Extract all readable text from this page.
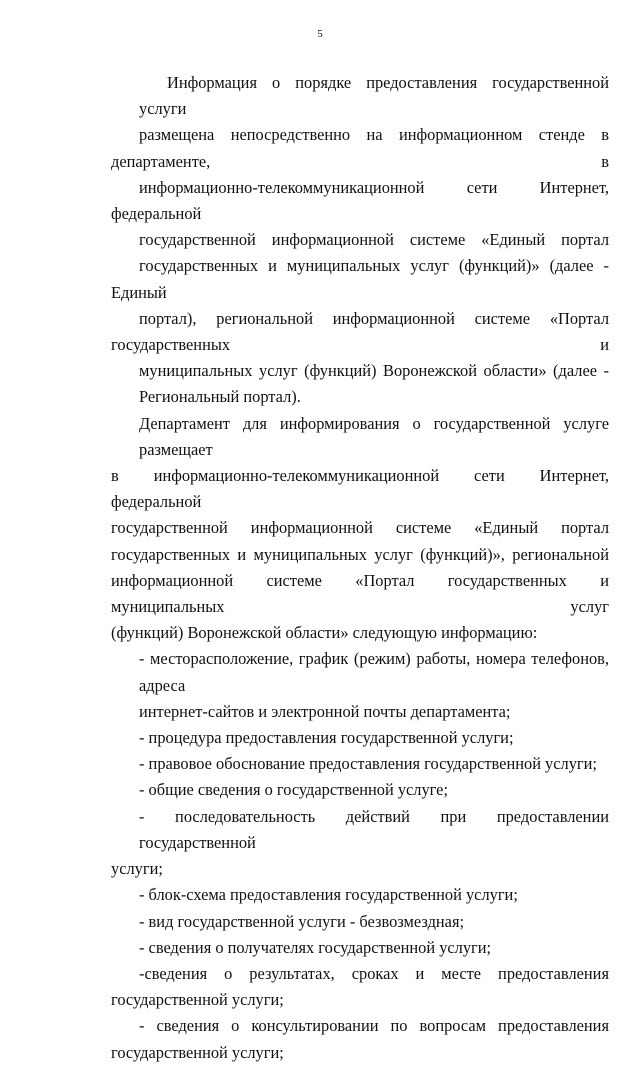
5

Информация о порядке предоставления государственной услуги
размещена непосредственно на информационном стенде в департаменте, в
информационно-телекоммуникационной сети Интернет, федеральной
государственной информационной системе «Единый портал
государственных и муниципальных услуг (функций)» (далее - Единый
портал), региональной информационной системе «Портал государственных и
муниципальных услуг (функций) Воронежской области» (далее -
Региональный портал).

Департамент для информирования о государственной услуге размещает
в информационно-телекоммуникационной сети Интернет, федеральной
государственной информационной системе «Единый портал
государственных и муниципальных услуг (функций)», региональной
информационной системе «Портал государственных и муниципальных услуг
(функций) Воронежской области» следующую информацию:

- месторасположение, график (режим) работы, номера телефонов, адреса
интернет-сайтов и электронной почты департамента;

- процедура предоставления государственной услуги;

- правовое обоснование предоставления государственной услуги;

- общие сведения о государственной услуге;

- последовательность действий при предоставлении государственной
услуги;

- блок-схема предоставления государственной услуги;

- вид государственной услуги - безвозмездная;

- сведения о получателях государственной услуги;

-сведения о результатах, сроках и месте предоставления
государственной услуги;

- сведения о консультировании по вопросам предоставления
государственной услуги;
